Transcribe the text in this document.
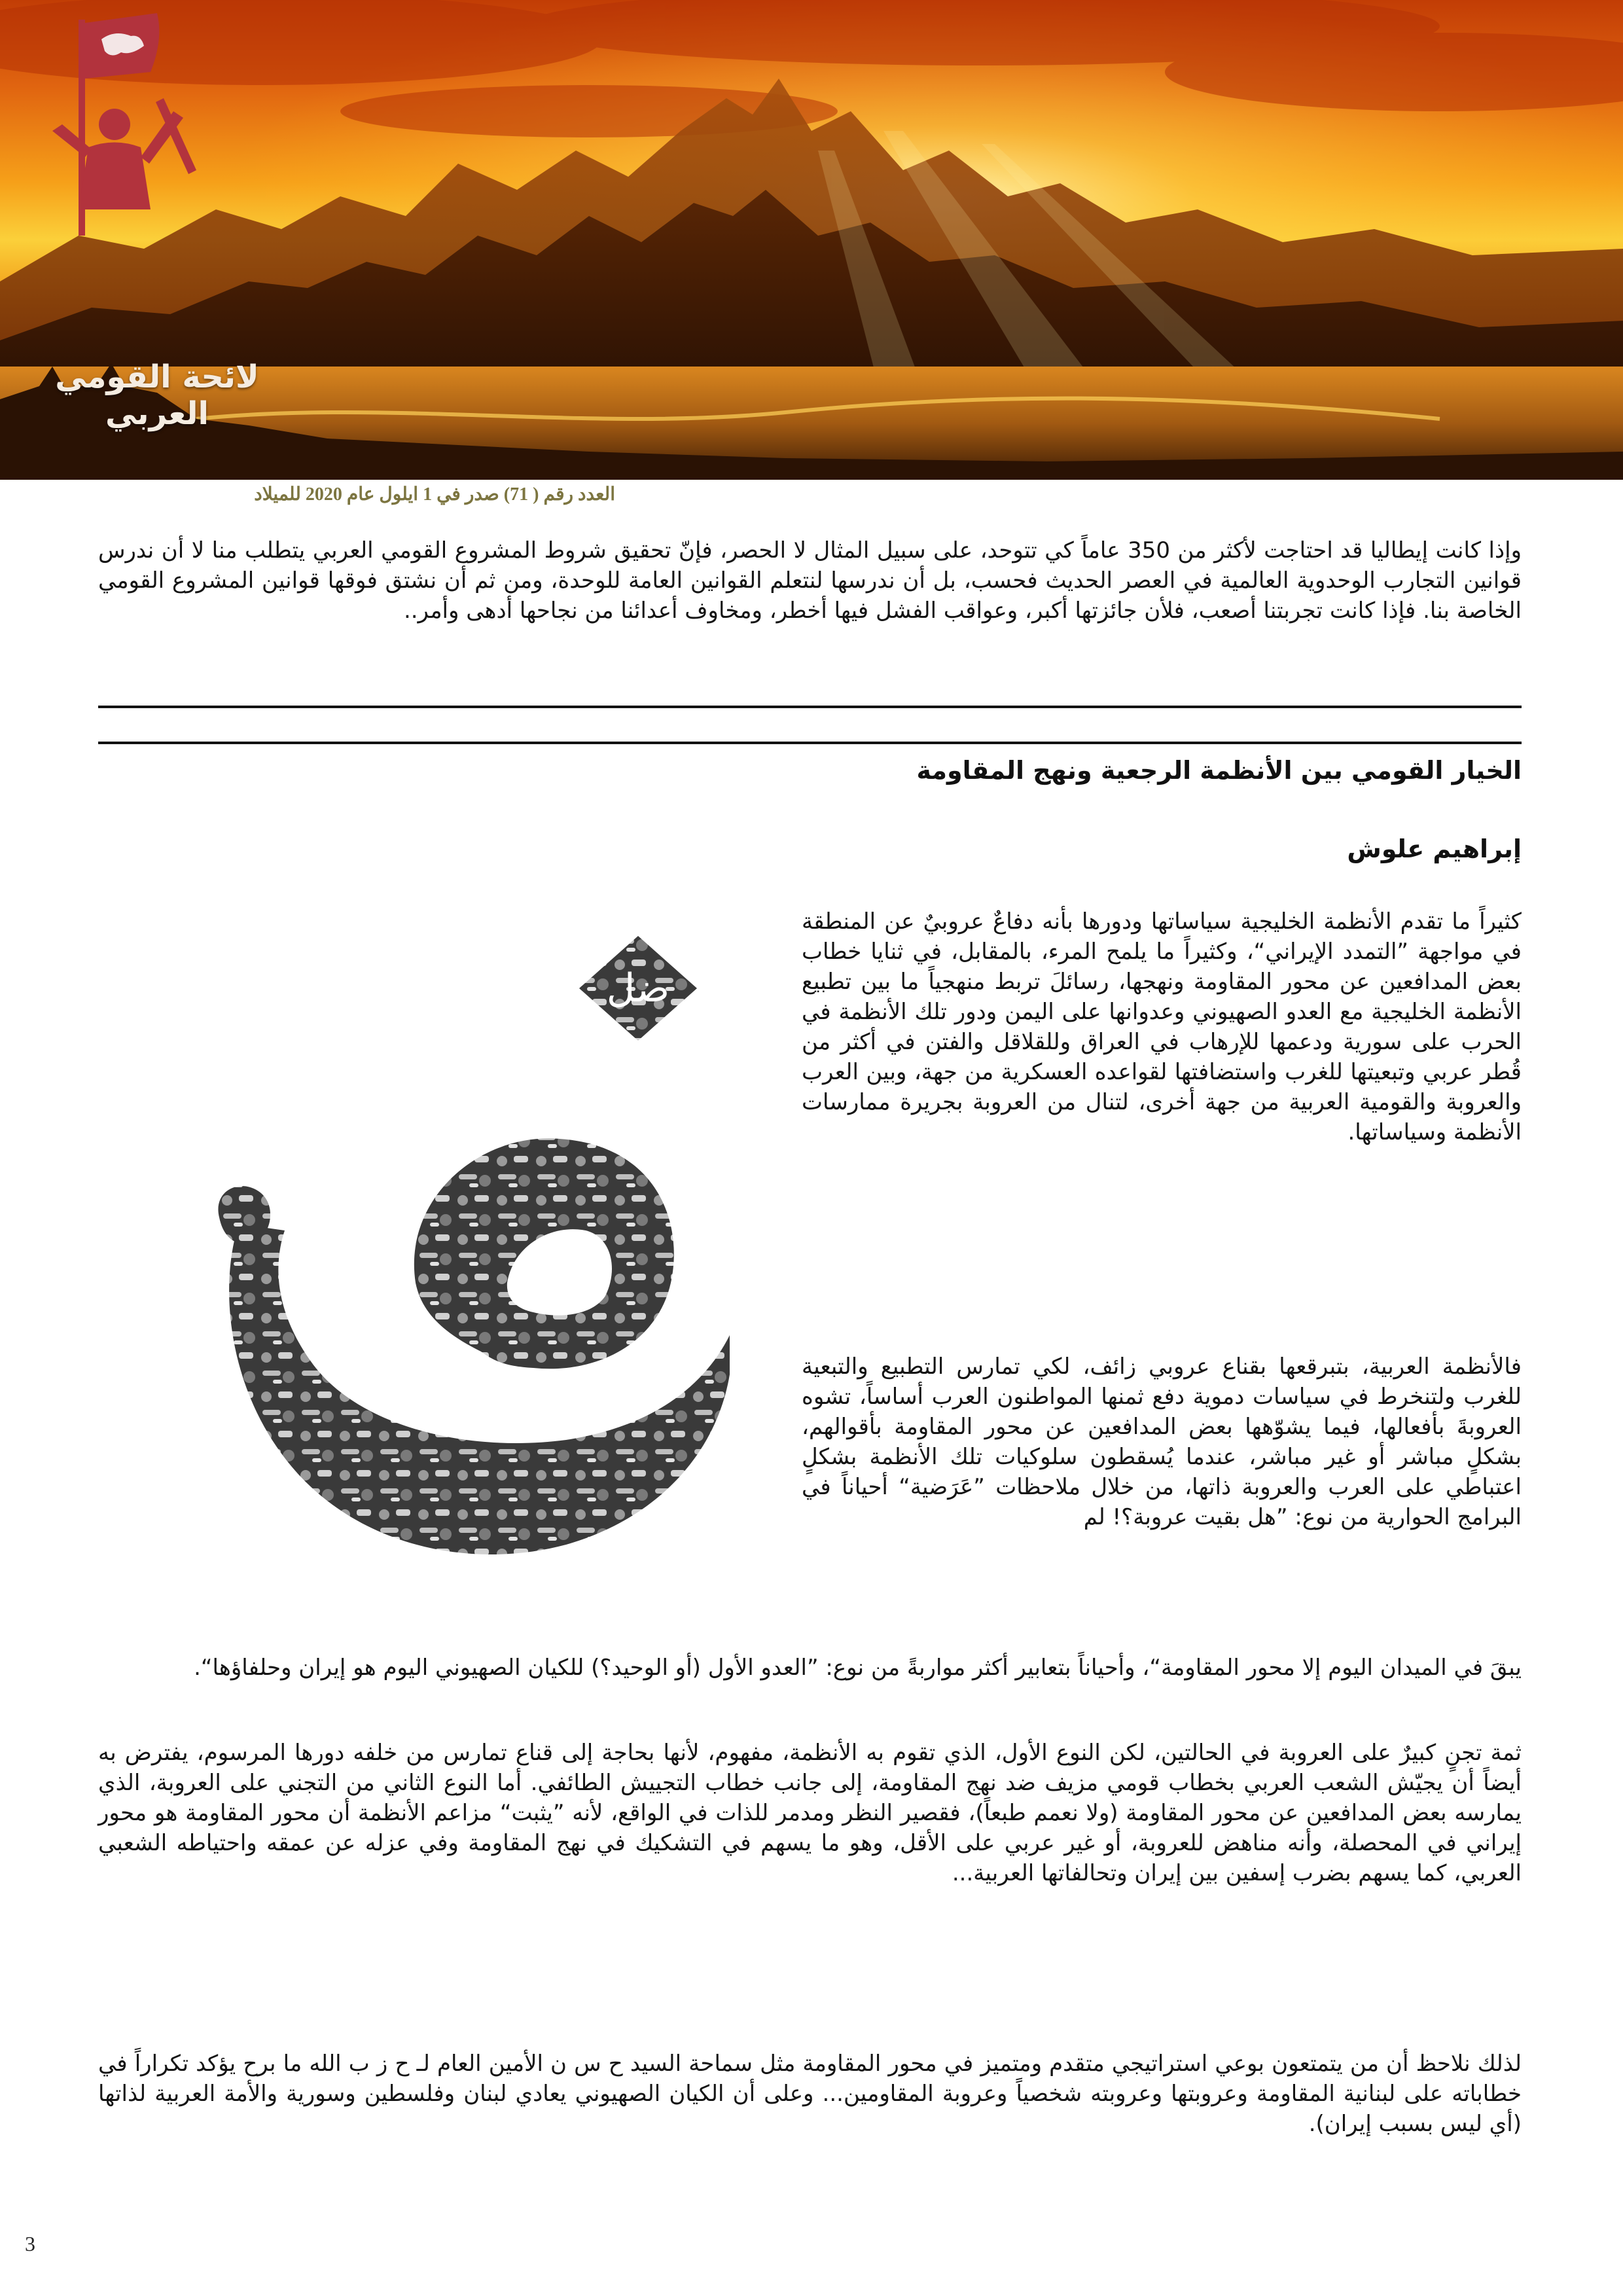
لائحة القومي العربي
العدد رقم ( 71) صدر في 1 ايلول عام 2020 للميلاد

وإذا كانت إيطاليا قد احتاجت لأكثر من 350 عاماً كي تتوحد، على سبيل المثال لا الحصر، فإنّ تحقيق شروط المشروع القومي العربي يتطلب منا لا أن ندرس قوانين التجارب الوحدوية العالمية في العصر الحديث فحسب، بل أن ندرسها لنتعلم القوانين العامة للوحدة، ومن ثم أن نشتق فوقها قوانين المشروع القومي الخاصة بنا. فإذا كانت تجربتنا أصعب، فلأن جائزتها أكبر، وعواقب الفشل فيها أخطر، ومخاوف أعدائنا من نجاحها أدهى وأمر..

الخيار القومي بين الأنظمة الرجعية ونهج المقاومة
إبراهيم علوش
ضل

كثيراً ما تقدم الأنظمة الخليجية سياساتها ودورها بأنه دفاعٌ عروبيٌ عن المنطقة في مواجهة ”التمدد الإيراني“، وكثيراً ما يلمح المرء، بالمقابل، في ثنايا خطاب بعض المدافعين عن محور المقاومة ونهجها، رسائلَ تربط منهجياً ما بين تطبيع الأنظمة الخليجية مع العدو الصهيوني وعدوانها على اليمن ودور تلك الأنظمة في الحرب على سورية ودعمها للإرهاب في العراق وللقلاقل والفتن في أكثر من قُطر عربي وتبعيتها للغرب واستضافتها لقواعده العسكرية من جهة، وبين العرب والعروبة والقومية العربية من جهة أخرى، لتنال من العروبة بجريرة ممارسات الأنظمة وسياساتها.

فالأنظمة العربية، بتبرقعها بقناع عروبي زائف، لكي تمارس التطبيع والتبعية للغرب ولتنخرط في سياسات دموية دفع ثمنها المواطنون العرب أساساً، تشوه العروبةَ بأفعالها، فيما يشوّهها بعض المدافعين عن محور المقاومة بأقوالهم، بشكلٍ مباشر أو غير مباشر، عندما يُسقطون سلوكيات تلك الأنظمة بشكلٍ اعتباطي على العرب والعروبة ذاتها، من خلال ملاحظات ”عَرَضية“ أحياناً في البرامج الحوارية من نوع: ”هل بقيت عروبة؟! لم

يبقَ في الميدان اليوم إلا محور المقاومة“، وأحياناً بتعابير أكثر مواربةً من نوع: ”العدو الأول (أو الوحيد؟) للكيان الصهيوني اليوم هو إيران وحلفاؤها“.

ثمة تجنٍ كبيرٌ على العروبة في الحالتين، لكن النوع الأول، الذي تقوم به الأنظمة، مفهوم، لأنها بحاجة إلى قناع تمارس من خلفه دورها المرسوم، يفترض به أيضاً أن يجيّش الشعب العربي بخطاب قومي مزيف ضد نهج المقاومة، إلى جانب خطاب التجييش الطائفي. أما النوع الثاني من التجني على العروبة، الذي يمارسه بعض المدافعين عن محور المقاومة (ولا نعمم طبعاً)، فقصير النظر ومدمر للذات في الواقع، لأنه ”يثبت“ مزاعم الأنظمة أن محور المقاومة هو محور إيراني في المحصلة، وأنه مناهض للعروبة، أو غير عربي على الأقل، وهو ما يسهم في التشكيك في نهج المقاومة وفي عزله عن عمقه واحتياطه الشعبي العربي، كما يسهم بضرب إسفين بين إيران وتحالفاتها العربية...

لذلك نلاحظ أن من يتمتعون بوعي استراتيجي متقدم ومتميز في محور المقاومة مثل سماحة السيد ح س ن الأمين العام لـ ح ز ب الله ما برح يؤكد تكراراً في خطاباته على لبنانية المقاومة وعروبتها وعروبته شخصياً وعروبة المقاومين... وعلى أن الكيان الصهيوني يعادي لبنان وفلسطين وسورية والأمة العربية لذاتها (أي ليس بسبب إيران).

3
